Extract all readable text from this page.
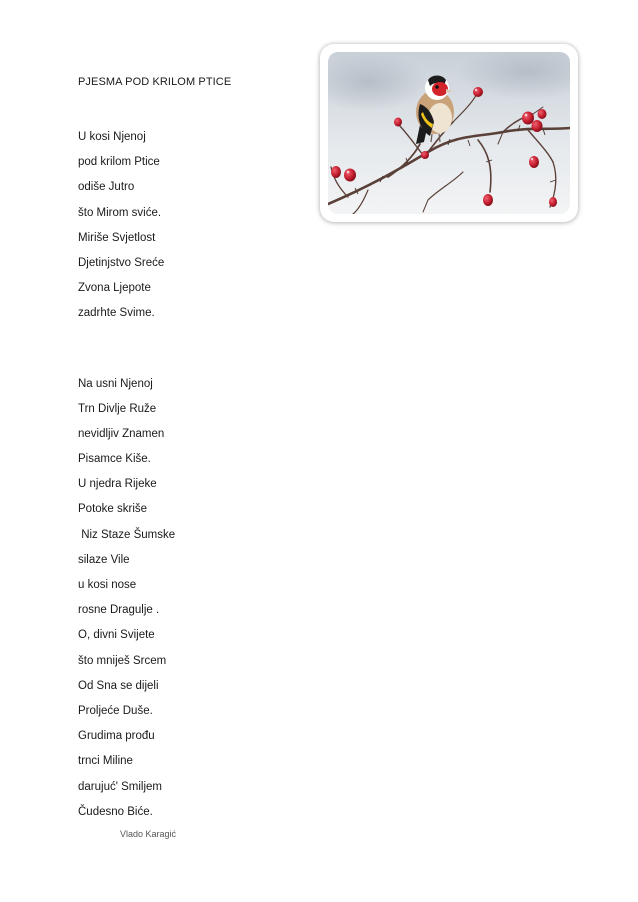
PJESMA POD KRILOM PTICE
U kosi Njenoj
pod krilom Ptice
odiše Jutro
što Mirom sviće.
Miriše Svjetlost
Djetinjstvo Sreće
Zvona Ljepote
zadrhte Svime.
Na usni Njenoj
Trn Divlje Ruže
nevidljiv Znamen
Pisamce Kiše.
U njedra Rijeke
Potoke skriše
Niz Staze Šumske
silaze Vile
u kosi nose
rosne Dragulje .
O, divni Svijete
što mniješ Srcem
Od Sna se dijeli
Proljeće Duše.
Grudima prođu
trnci Miline
darujuć' Smiljem
Čudesno Biće.
Vlado Karagić
